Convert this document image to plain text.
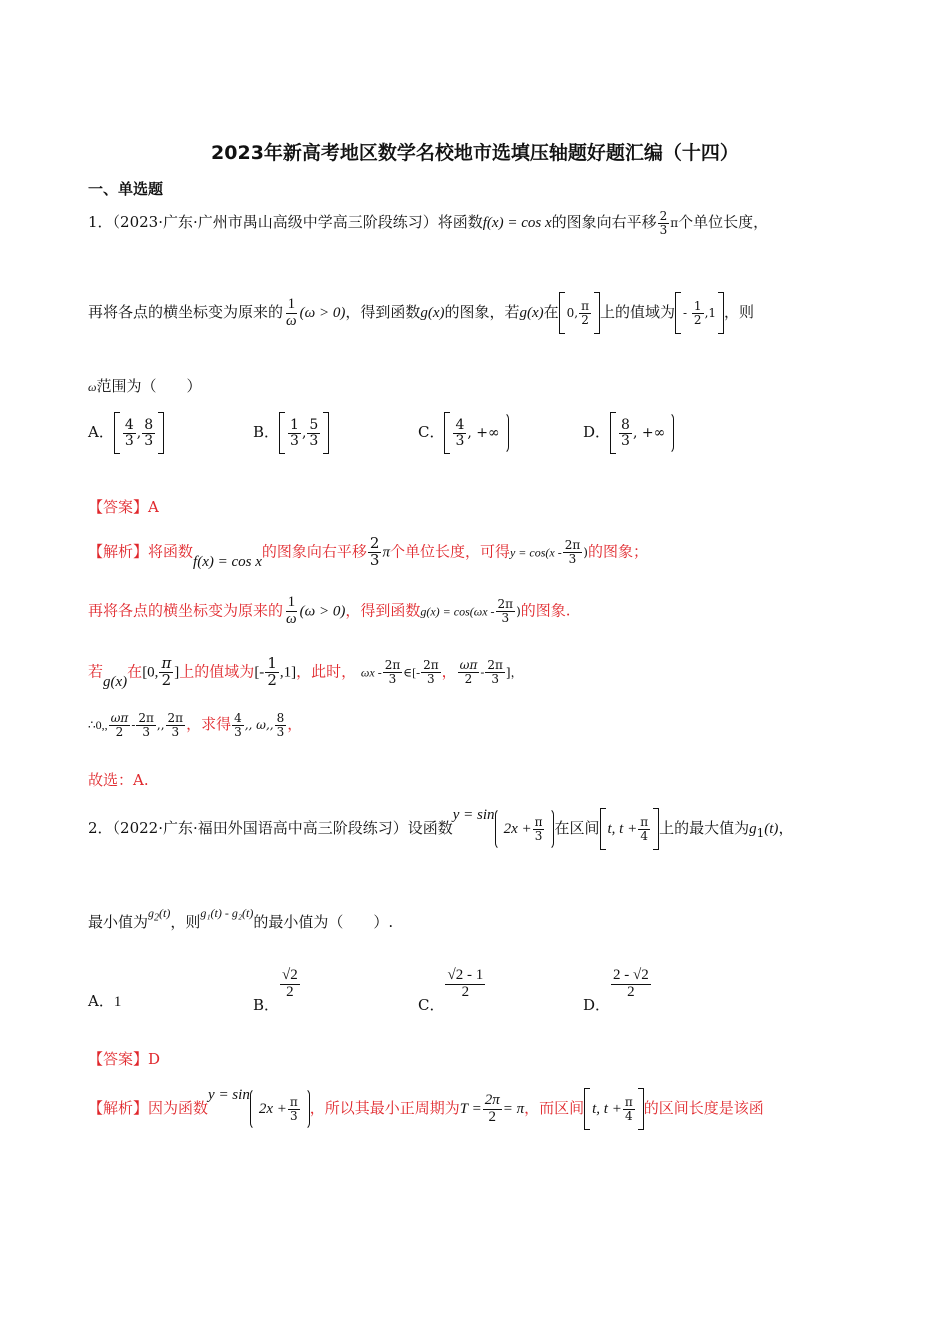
2023年新高考地区数学名校地市选填压轴题好题汇编（十四）
一、单选题
1．（2023·广东·广州市禺山高级中学高三阶段练习）将函数f(x) = cos x的图象向右平移 $\frac{2}{3}$ π个单位长度，
再将各点的横坐标变为原来的 $\frac{1}{\omega} (\omega > 0)$，得到函数g(x)的图象，若g(x)在 0, $\frac{\pi}{2}$ 上的值域为 -
$\frac{1}{2} ,1$ ，则
ω范围为（　　）
A． $\frac{4}{3}$ , $\frac{8}{3}$	B． $\frac{1}{3}$ , $\frac{5}{3}$	C． $\frac{4}{3}$ , +∞	D． $\frac{8}{3}$ , +∞
【答案】A
【解析】将函数f(x) = cos x的图象向右平移 $\frac{2}{3}$ π个单位长度，可得$y = \cos(x - \frac{2\pi}{3}$ )的图象；
再将各点的横坐标变为原来的 $\frac{1}{\omega} (\omega > 0)$，得到函数$g(x) = \cos(\omega x - \frac{2\pi}{3}$ )的图象.
若g(x)在[0, $\frac{\pi}{2}$ ]上的值域为[- $\frac{1}{2} ,1$]，此时， ωx - $\frac{2\pi}{3}$ ∈[- $\frac{2\pi}{3}$ ， $\frac{\omega\pi}{2} - \frac{2\pi}{3}$ ]，
∴0,, $\frac{\omega\pi}{2} - \frac{2\pi}{3}$ ,, $\frac{2\pi}{3}$ ，求得 $\frac{4}{3}$ ,, ω,, $\frac{8}{3}$ ，
故选：A.
2．（2022·广东·福田外国语高中高三阶段练习）设函数y = sin
$2x + \frac{\pi}{3}$ 在区间 t, $t + \frac{\pi}{4}$ 上的最大值为$g_1(t)$，
最小值为$^{g_2(t)}$，则$^{g_1(t) - g_2(t)}$的最小值为（　　）.
A．1	B．
$\frac{√2}{2}$
C．
$\frac{√2 - 1}{2}$
D．
$\frac{2 - √2}{2}$
【答案】D
【解析】因为函数y = sin
$2x + \frac{\pi}{3}$ ，所以其最小正周期为$T = \frac{2\pi}{2} = \pi$，而区间 t, $t + \frac{\pi}{4}$ 的区间长度是该函
